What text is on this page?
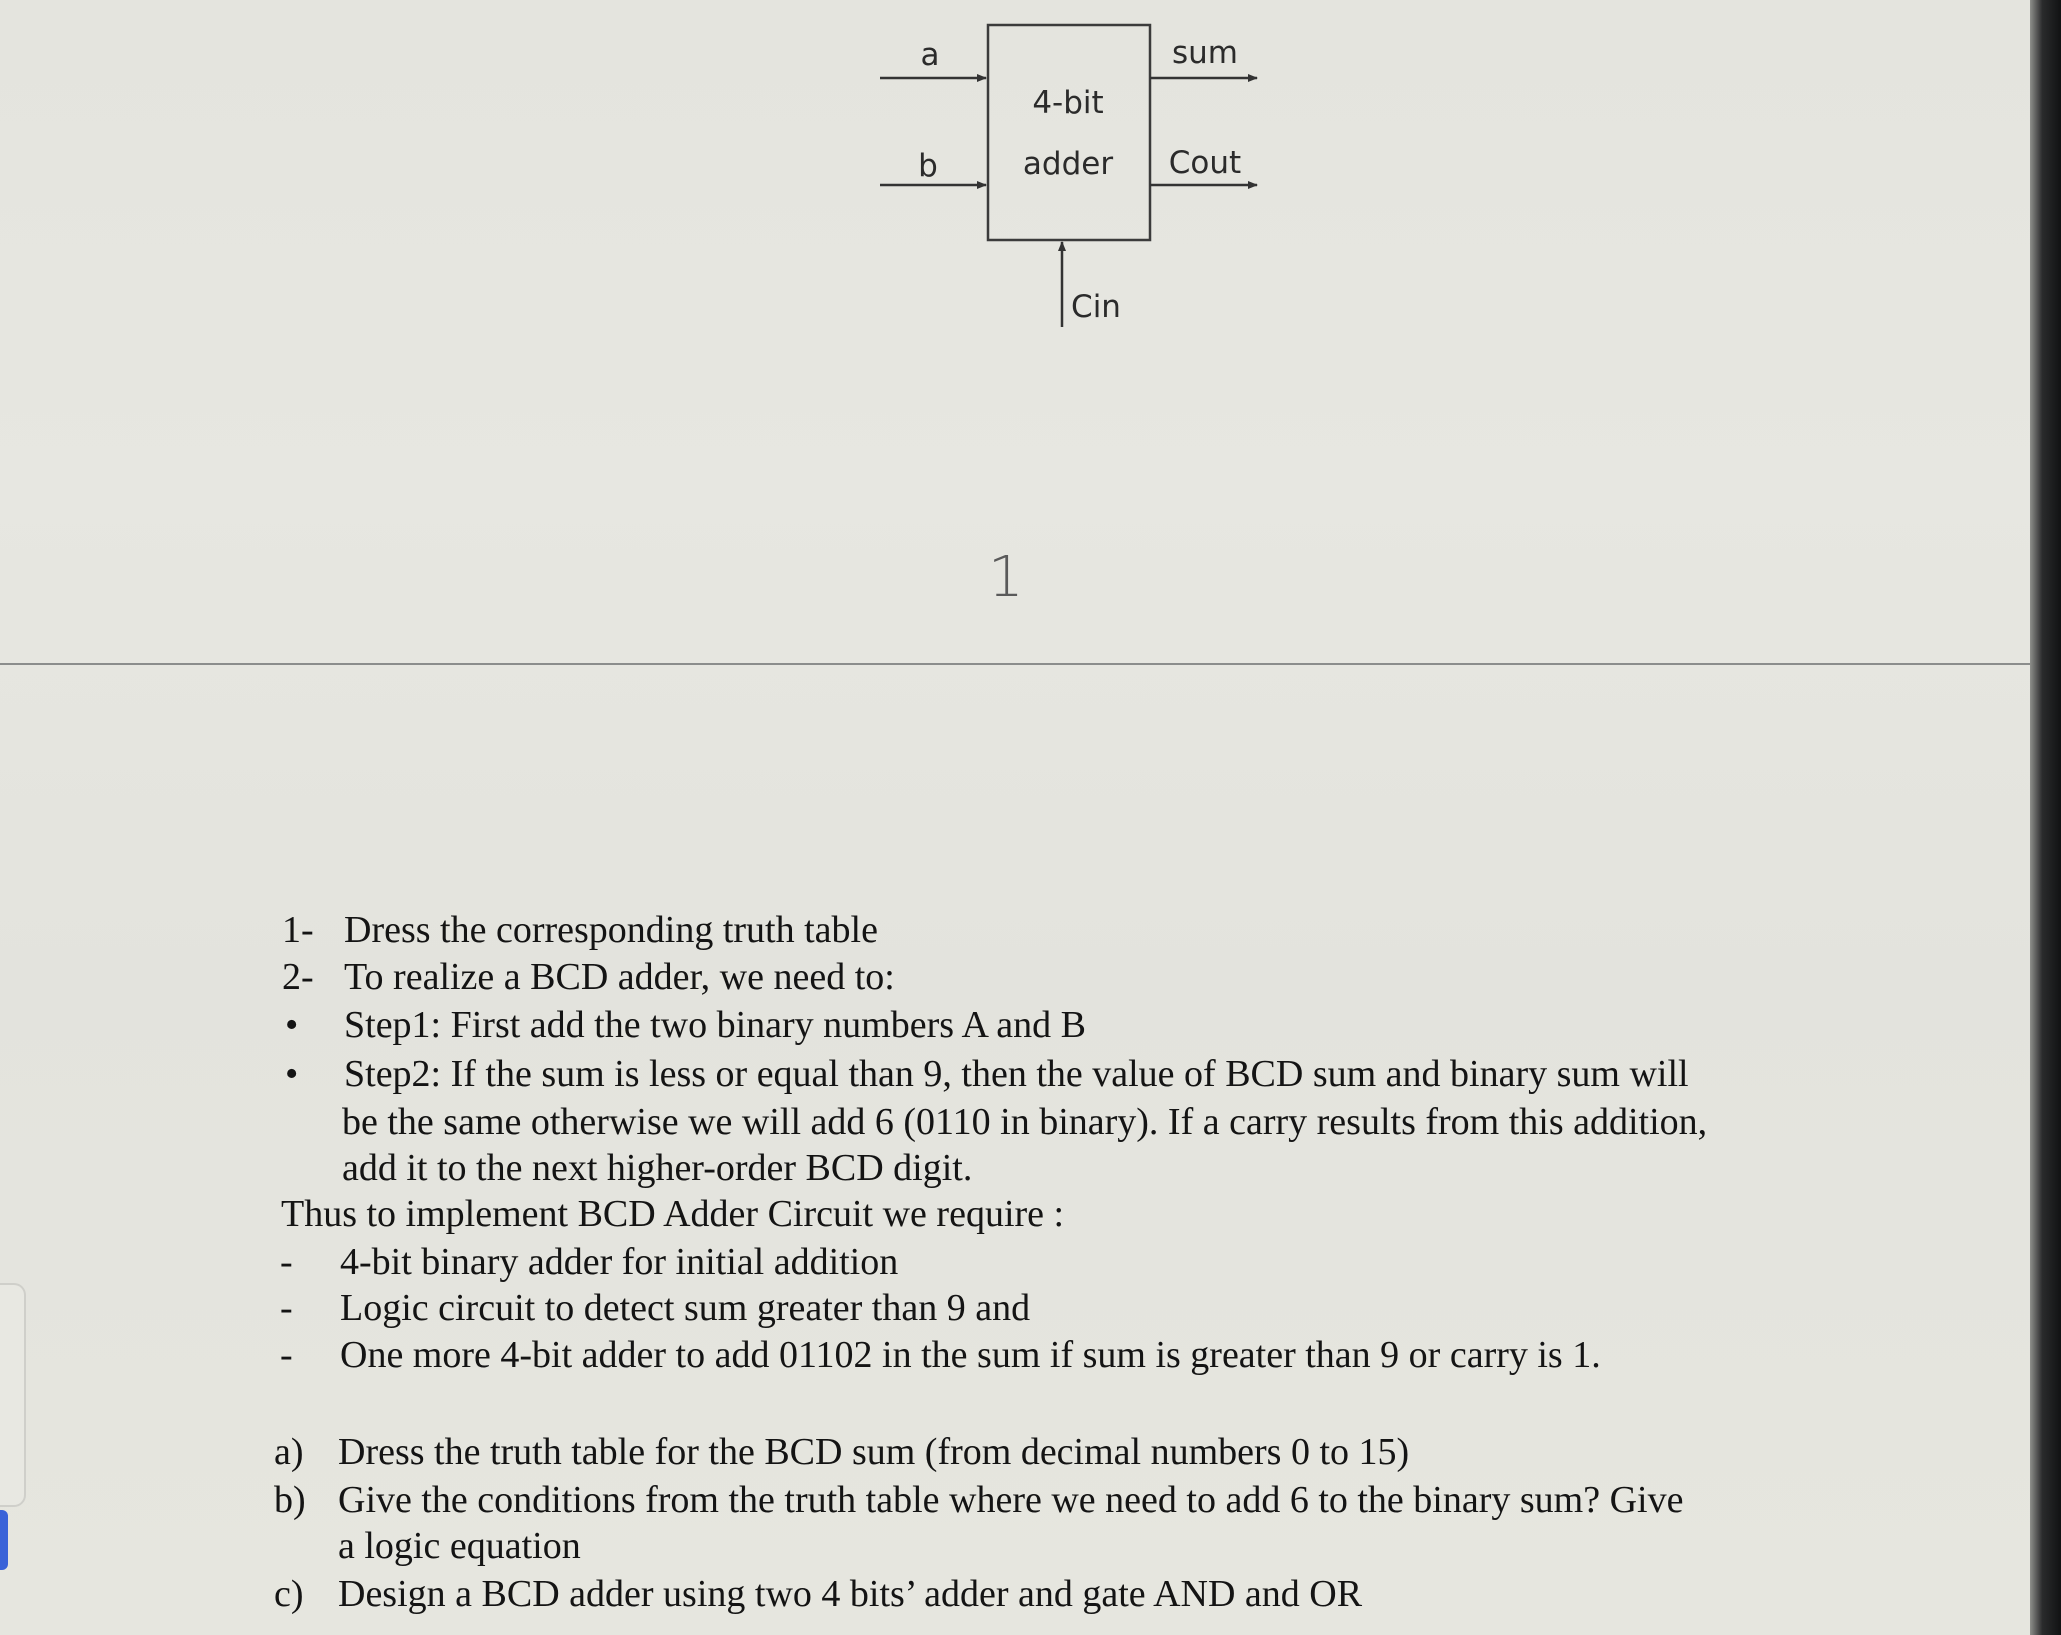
4-bit
adder
a
b
sum
Cout
Cin
1
1- Dress the corresponding truth table
2- To realize a BCD adder, we need to:
• Step1: First add the two binary numbers A and B
• Step2: If the sum is less or equal than 9, then the value of BCD sum and binary sum will
be the same otherwise we will add 6 (0110 in binary). If a carry results from this addition,
add it to the next higher-order BCD digit.
Thus to implement BCD Adder Circuit we require :
- 4-bit binary adder for initial addition
- Logic circuit to detect sum greater than 9 and
- One more 4-bit adder to add 01102 in the sum if sum is greater than 9 or carry is 1.
a) Dress the truth table for the BCD sum (from decimal numbers 0 to 15)
b) Give the conditions from the truth table where we need to add 6 to the binary sum? Give
a logic equation
c) Design a BCD adder using two 4 bits’ adder and gate AND and OR
